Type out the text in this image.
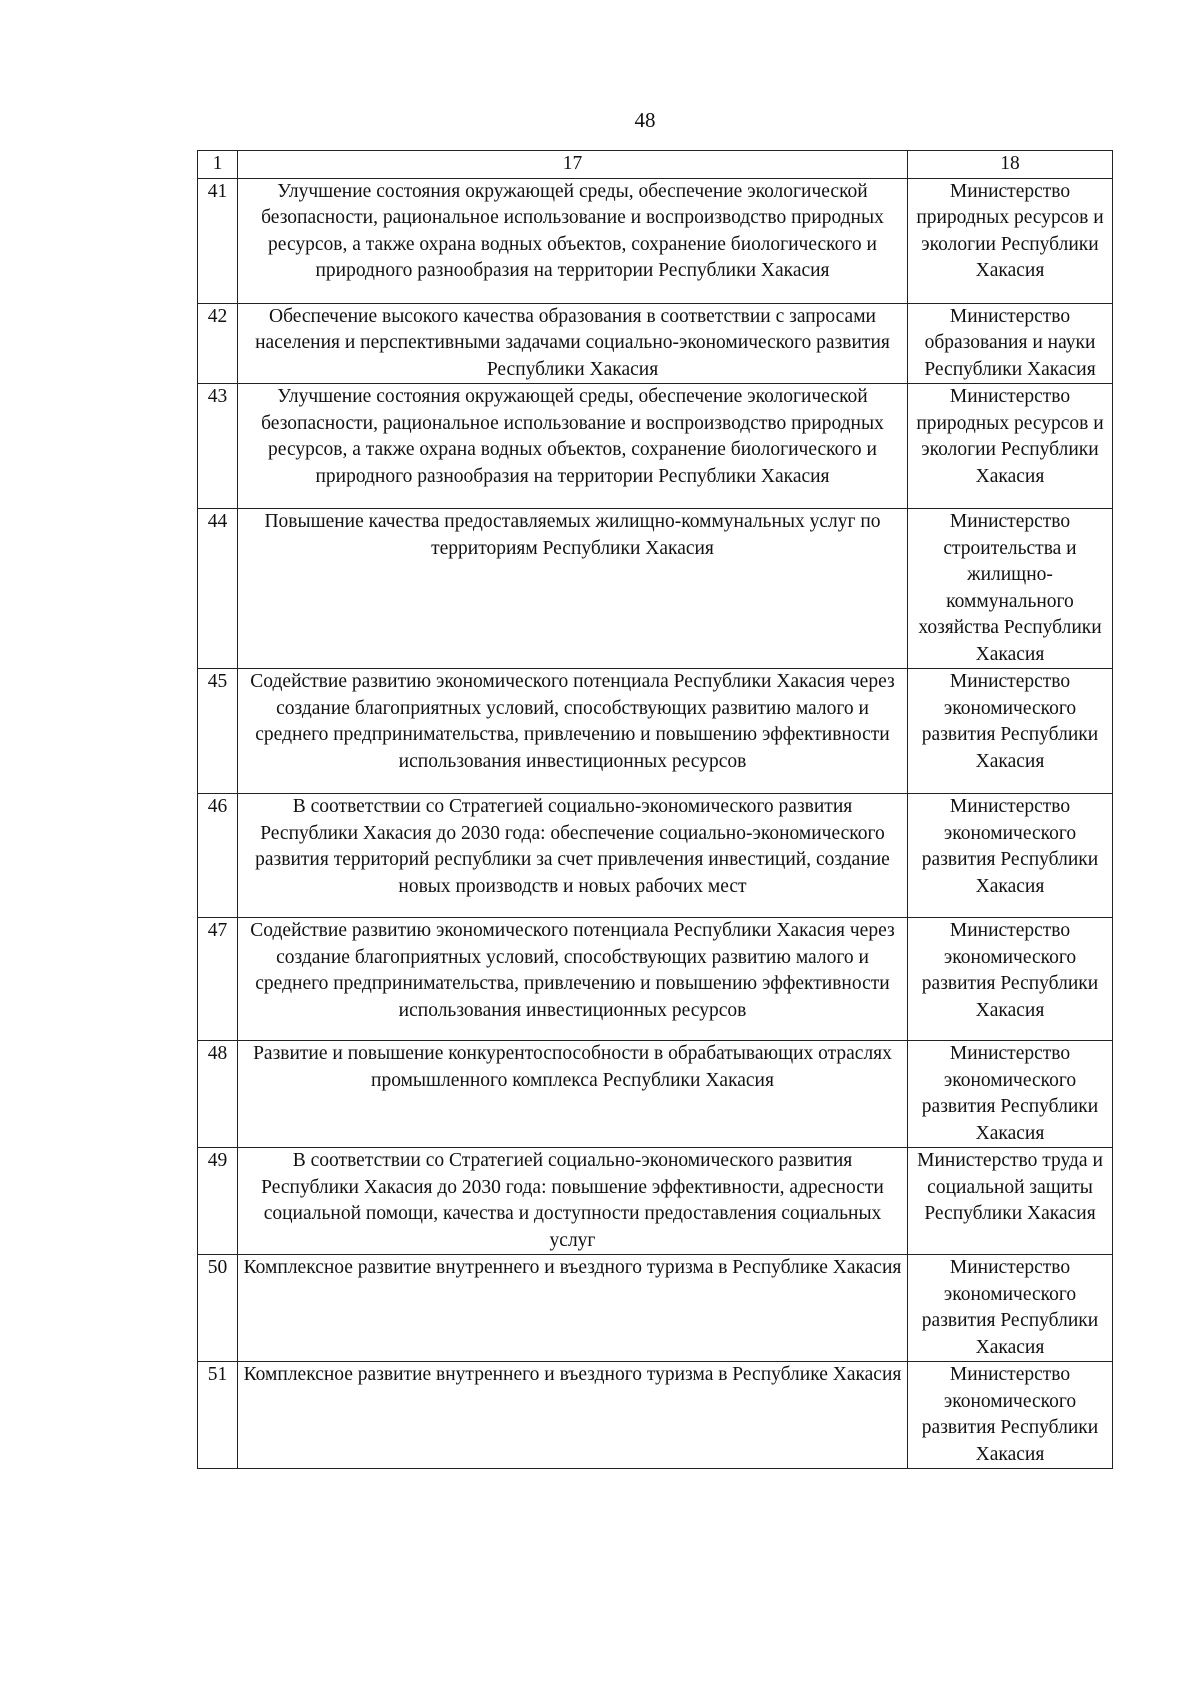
48
1	17	18
41	Улучшение состояния окружающей среды, обеспечение экологической безопасности, рациональное использование и воспроизводство природных ресурсов, а также охрана водных объектов, сохранение биологического и природного разнообразия на территории Республики Хакасия	Министерство природных ресурсов и экологии Республики Хакасия
42	Обеспечение высокого качества образования в соответствии с запросами населения и перспективными задачами социально-экономического развития Республики Хакасия	Министерство образования и науки Республики Хакасия
43	Улучшение состояния окружающей среды, обеспечение экологической безопасности, рациональное использование и воспроизводство природных ресурсов, а также охрана водных объектов, сохранение биологического и природного разнообразия на территории Республики Хакасия	Министерство природных ресурсов и экологии Республики Хакасия
44	Повышение качества предоставляемых жилищно-коммунальных услуг по территориям Республики Хакасия	Министерство строительства и жилищно-коммунального хозяйства Республики Хакасия
45	Содействие развитию экономического потенциала Республики Хакасия через создание благоприятных условий, способствующих развитию малого и среднего предпринимательства, привлечению и повышению эффективности использования инвестиционных ресурсов	Министерство экономического развития Республики Хакасия
46	В соответствии со Стратегией социально-экономического развития Республики Хакасия до 2030 года: обеспечение социально-экономического развития территорий республики за счет привлечения инвестиций, создание новых производств и новых рабочих мест	Министерство экономического развития Республики Хакасия
47	Содействие развитию экономического потенциала Республики Хакасия через создание благоприятных условий, способствующих развитию малого и среднего предпринимательства, привлечению и повышению эффективности использования инвестиционных ресурсов	Министерство экономического развития Республики Хакасия
48	Развитие и повышение конкурентоспособности в обрабатывающих отраслях промышленного комплекса Республики Хакасия	Министерство экономического развития Республики Хакасия
49	В соответствии со Стратегией социально-экономического развития Республики Хакасия до 2030 года: повышение эффективности, адресности социальной помощи, качества и доступности предоставления социальных услуг	Министерство труда и социальной защиты Республики Хакасия
50	Комплексное развитие внутреннего и въездного туризма в Республике Хакасия	Министерство экономического развития Республики Хакасия
51	Комплексное развитие внутреннего и въездного туризма в Республике Хакасия	Министерство экономического развития Республики Хакасия
